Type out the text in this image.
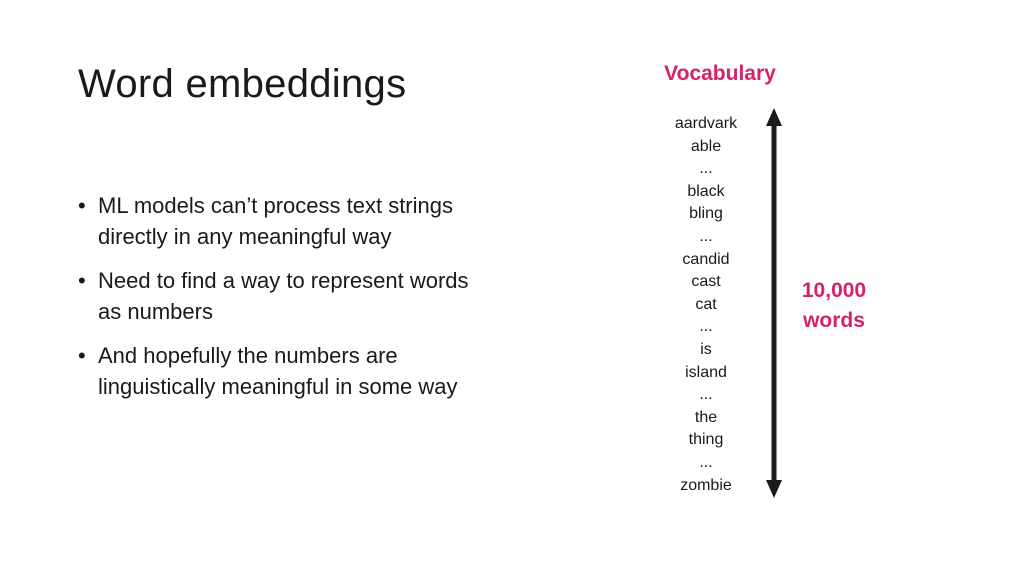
Word embeddings
• ML models can’t process text strings directly in any meaningful way
• Need to find a way to represent words as numbers
• And hopefully the numbers are linguistically meaningful in some way
Vocabulary
aardvark
able
...
black
bling
...
candid
cast
cat
...
is
island
...
the
thing
...
zombie
10,000
words
